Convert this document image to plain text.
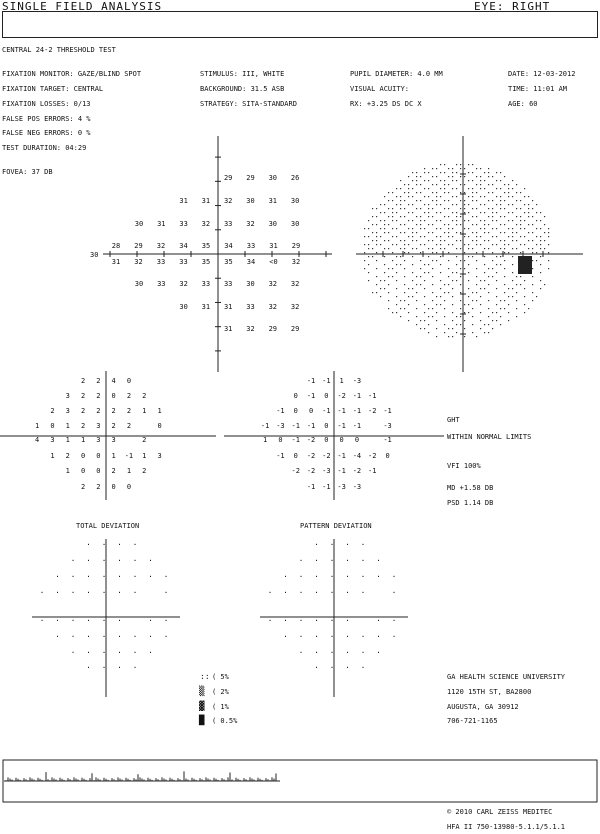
SINGLE FIELD ANALYSIS	EYE: RIGHT
CENTRAL 24-2 THRESHOLD TEST
FIXATION MONITOR: GAZE/BLIND SPOT
FIXATION TARGET: CENTRAL
FIXATION LOSSES: 0/13
FALSE POS ERRORS: 4 %
FALSE NEG ERRORS: 0 %
TEST DURATION: 04:29
FOVEA: 37 DB
STIMULUS: III, WHITE
BACKGROUND: 31.5 ASB
STRATEGY: SITA-STANDARD
PUPIL DIAMETER: 4.0 MM
VISUAL ACUITY:
RX: +3.25 DS DC X
DATE: 12-03-2012
TIME: 11:01 AM
AGE: 60
29	29	30	26
31	31	32	30	31	30
30	31	33	32	33	32	30	30
28	29	32	34	35	34	33	31	29
31	32	33	33	35	35	34	<0	32
30	33	32	33	33	30	32	32
30	31	31	33	32	32
31	32	29	29
30
2	2	4	0
3	2	2	0	2	2
2	3	2	2	2	2	1	1
1	0	1	2	3	2	2	0
4	3	1	1	3	3	2
1	2	0	0	1	-1	1	3
1	0	0	2	1	2
2	2	0	0
-1 -1	1	-3
0	-1	0	-2 -1 -1
-1	0	0	-1 -1 -1 -2 -1
-1 -3 -1 -1	0	-1 -1	-3
1	0	-1 -2	0	0	0	-1
-1	0	-2 -2 -1 -4 -2	0
-2 -2 -3 -1 -2 -1
-1 -1 -3 -3
TOTAL DEVIATION	PATTERN DEVIATION
· · · ·
· · · · · ·
· · · · · · · ·
· · · · · · ·	·
· · · · · ·	· ·
· · · · · · · ·
· · · · · ·
· · · ·
· · · ·
· · · · · ·
· · · · · · · ·
· · · · · · ·	·
· · · · · ·	· ·
· · · · · · · ·
· · · · · ·
· · · ·
GHT
WITHIN NORMAL LIMITS
VFI 100%
MD +1.58 DB
PSD 1.14 DB
:: ( 5%
▒ ( 2%
▓ ( 1%
█ ( 0.5%
GA HEALTH SCIENCE UNIVERSITY
1120 15TH ST, BA2800
AUGUSTA, GA 30912
706-721-1165
© 2010 CARL ZEISS MEDITEC
HFA II 750-13980-5.1.1/5.1.1
